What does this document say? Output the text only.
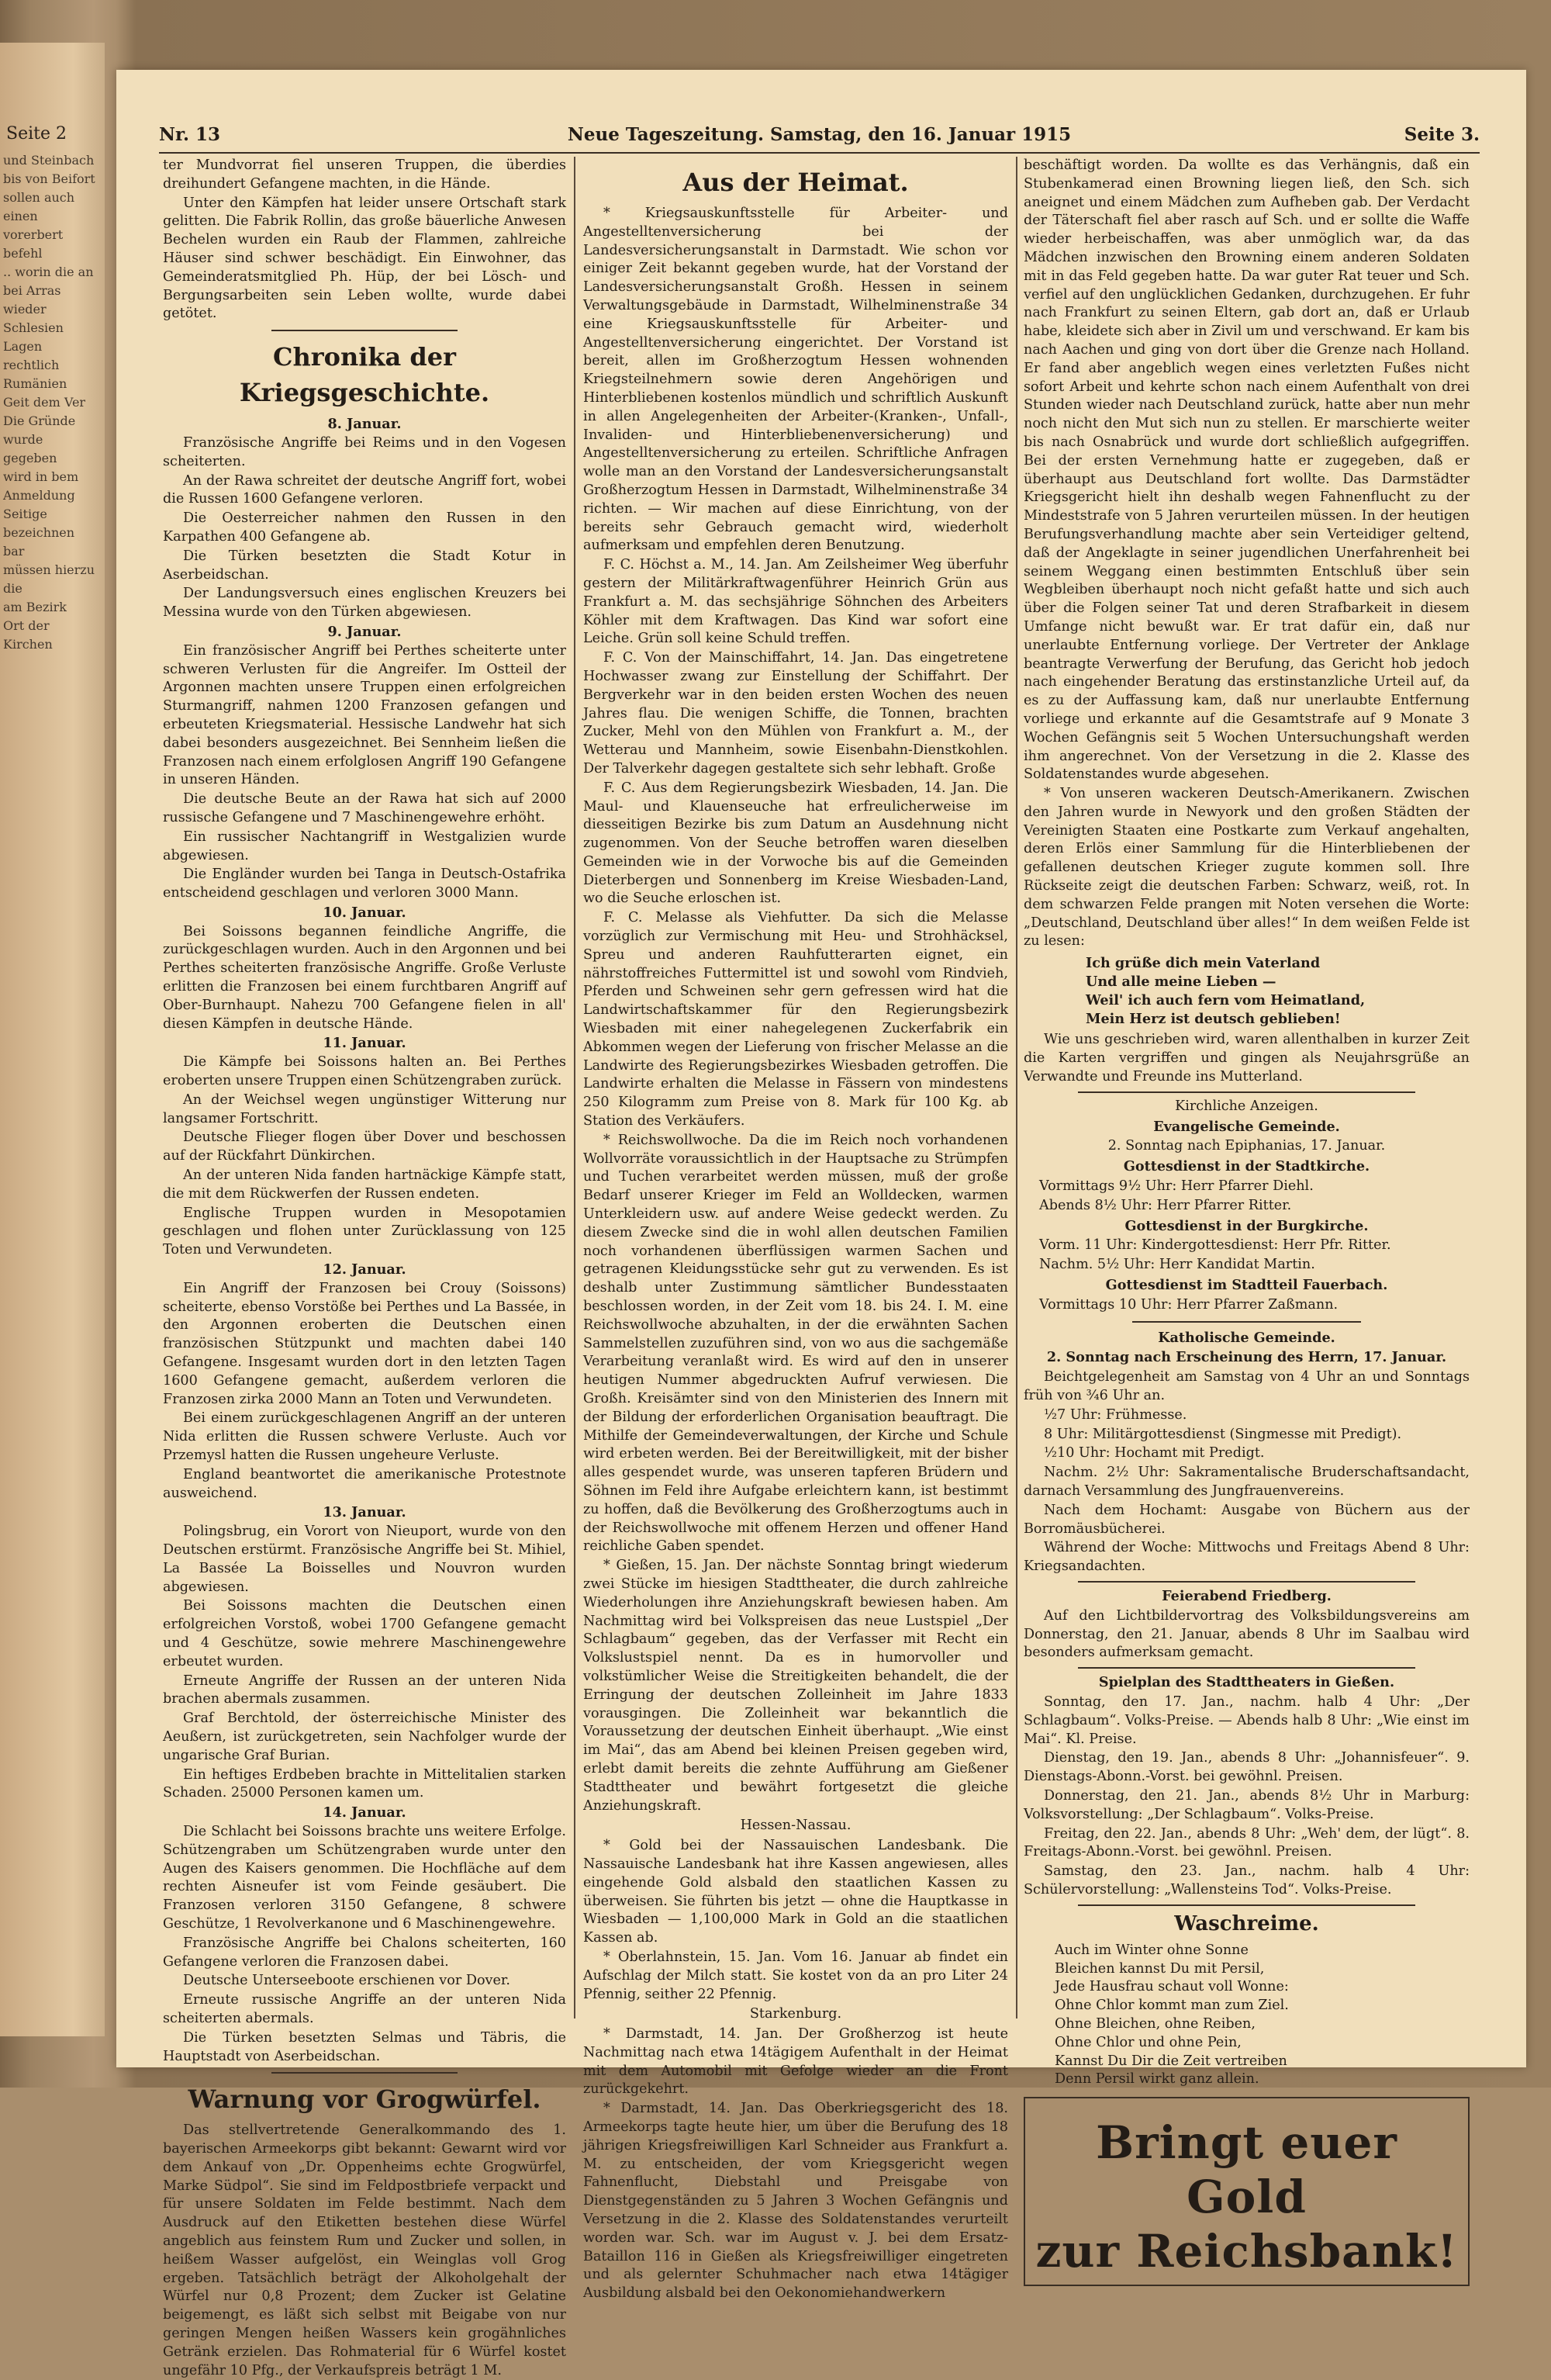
Seite 2
und Steinbach
bis von Beifort
sollen auch einen
vorerbert befehl
.. worin die an
bei Arras wieder
Schlesien Lagen
rechtlich Rumänien
Geit dem Ver
Die Gründe
wurde gegeben
wird in bem
Anmeldung Seitige
bezeichnen bar
müssen hierzu die
am Bezirk
Ort der Kirchen
Nr. 13	Neue Tageszeitung. Samstag, den 16. Januar 1915	Seite 3.

ter Mundvorrat fiel unseren Truppen, die überdies dreihundert Gefangene machten, in die Hände.

Unter den Kämpfen hat leider unsere Ortschaft stark gelitten. Die Fabrik Rollin, das große bäuerliche Anwesen Bechelen wurden ein Raub der Flammen, zahlreiche Häuser sind schwer beschädigt. Ein Einwohner, das Gemeinderatsmitglied Ph. Hüp, der bei Lösch- und Bergungsarbeiten sein Leben wollte, wurde dabei getötet.

Chronika der Kriegsgeschichte.
8. Januar.

Französische Angriffe bei Reims und in den Vogesen scheiterten.

An der Rawa schreitet der deutsche Angriff fort, wobei die Russen 1600 Gefangene verloren.

Die Oesterreicher nahmen den Russen in den Karpathen 400 Gefangene ab.

Die Türken besetzten die Stadt Kotur in Aserbeidschan.

Der Landungsversuch eines englischen Kreuzers bei Messina wurde von den Türken abgewiesen.

9. Januar.

Ein französischer Angriff bei Perthes scheiterte unter schweren Verlusten für die Angreifer. Im Ostteil der Argonnen machten unsere Truppen einen erfolgreichen Sturmangriff, nahmen 1200 Franzosen gefangen und erbeuteten Kriegsmaterial. Hessische Landwehr hat sich dabei besonders ausgezeichnet. Bei Sennheim ließen die Franzosen nach einem erfolglosen Angriff 190 Gefangene in unseren Händen.

Die deutsche Beute an der Rawa hat sich auf 2000 russische Gefangene und 7 Maschinengewehre erhöht.

Ein russischer Nachtangriff in Westgalizien wurde abgewiesen.

Die Engländer wurden bei Tanga in Deutsch-Ostafrika entscheidend geschlagen und verloren 3000 Mann.

10. Januar.

Bei Soissons begannen feindliche Angriffe, die zurückgeschlagen wurden. Auch in den Argonnen und bei Perthes scheiterten französische Angriffe. Große Verluste erlitten die Franzosen bei einem furchtbaren Angriff auf Ober-Burnhaupt. Nahezu 700 Gefangene fielen in all' diesen Kämpfen in deutsche Hände.

11. Januar.

Die Kämpfe bei Soissons halten an. Bei Perthes eroberten unsere Truppen einen Schützengraben zurück.

An der Weichsel wegen ungünstiger Witterung nur langsamer Fortschritt.

Deutsche Flieger flogen über Dover und beschossen auf der Rückfahrt Dünkirchen.

An der unteren Nida fanden hartnäckige Kämpfe statt, die mit dem Rückwerfen der Russen endeten.

Englische Truppen wurden in Mesopotamien geschlagen und flohen unter Zurücklassung von 125 Toten und Verwundeten.

12. Januar.

Ein Angriff der Franzosen bei Crouy (Soissons) scheiterte, ebenso Vorstöße bei Perthes und La Bassée, in den Argonnen eroberten die Deutschen einen französischen Stützpunkt und machten dabei 140 Gefangene. Insgesamt wurden dort in den letzten Tagen 1600 Gefangene gemacht, außerdem verloren die Franzosen zirka 2000 Mann an Toten und Verwundeten.

Bei einem zurückgeschlagenen Angriff an der unteren Nida erlitten die Russen schwere Verluste. Auch vor Przemysl hatten die Russen ungeheure Verluste.

England beantwortet die amerikanische Protestnote ausweichend.

13. Januar.

Polingsbrug, ein Vorort von Nieuport, wurde von den Deutschen erstürmt. Französische Angriffe bei St. Mihiel, La Bassée La Boisselles und Nouvron wurden abgewiesen.

Bei Soissons machten die Deutschen einen erfolgreichen Vorstoß, wobei 1700 Gefangene gemacht und 4 Geschütze, sowie mehrere Maschinengewehre erbeutet wurden.

Erneute Angriffe der Russen an der unteren Nida brachen abermals zusammen.

Graf Berchtold, der österreichische Minister des Aeußern, ist zurückgetreten, sein Nachfolger wurde der ungarische Graf Burian.

Ein heftiges Erdbeben brachte in Mittelitalien starken Schaden. 25000 Personen kamen um.

14. Januar.

Die Schlacht bei Soissons brachte uns weitere Erfolge. Schützengraben um Schützengraben wurde unter den Augen des Kaisers genommen. Die Hochfläche auf dem rechten Aisneufer ist vom Feinde gesäubert. Die Franzosen verloren 3150 Gefangene, 8 schwere Geschütze, 1 Revolverkanone und 6 Maschinengewehre.

Französische Angriffe bei Chalons scheiterten, 160 Gefangene verloren die Franzosen dabei.

Deutsche Unterseeboote erschienen vor Dover.

Erneute russische Angriffe an der unteren Nida scheiterten abermals.

Die Türken besetzten Selmas und Täbris, die Hauptstadt von Aserbeidschan.

Warnung vor Grogwürfel.

Das stellvertretende Generalkommando des 1. bayerischen Armeekorps gibt bekannt: Gewarnt wird vor dem Ankauf von „Dr. Oppenheims echte Grogwürfel, Marke Südpol“. Sie sind im Feldpostbriefe verpackt und für unsere Soldaten im Felde bestimmt. Nach dem Ausdruck auf den Etiketten bestehen diese Würfel angeblich aus feinstem Rum und Zucker und sollen, in heißem Wasser aufgelöst, ein Weinglas voll Grog ergeben. Tatsächlich beträgt der Alkoholgehalt der Würfel nur 0,8 Prozent; dem Zucker ist Gelatine beigemengt, es läßt sich selbst mit Beigabe von nur geringen Mengen heißen Wassers kein grogähnliches Getränk erzielen. Das Rohmaterial für 6 Würfel kostet ungefähr 10 Pfg., der Verkaufspreis beträgt 1 M.

Aus der Heimat.

* Kriegsauskunftsstelle für Arbeiter- und Angestelltenversicherung bei der Landesversicherungsanstalt in Darmstadt. Wie schon vor einiger Zeit bekannt gegeben wurde, hat der Vorstand der Landesversicherungsanstalt Großh. Hessen in seinem Verwaltungsgebäude in Darmstadt, Wilhelminenstraße 34 eine Kriegsauskunftsstelle für Arbeiter- und Angestelltenversicherung eingerichtet. Der Vorstand ist bereit, allen im Großherzogtum Hessen wohnenden Kriegsteilnehmern sowie deren Angehörigen und Hinterbliebenen kostenlos mündlich und schriftlich Auskunft in allen Angelegenheiten der Arbeiter-(Kranken-, Unfall-, Invaliden- und Hinterbliebenenversicherung) und Angestelltenversicherung zu erteilen. Schriftliche Anfragen wolle man an den Vorstand der Landesversicherungsanstalt Großherzogtum Hessen in Darmstadt, Wilhelminenstraße 34 richten. — Wir machen auf diese Einrichtung, von der bereits sehr Gebrauch gemacht wird, wiederholt aufmerksam und empfehlen deren Benutzung.

F. C. Höchst a. M., 14. Jan. Am Zeilsheimer Weg überfuhr gestern der Militärkraftwagenführer Heinrich Grün aus Frankfurt a. M. das sechsjährige Söhnchen des Arbeiters Köhler mit dem Kraftwagen. Das Kind war sofort eine Leiche. Grün soll keine Schuld treffen.

F. C. Von der Mainschiffahrt, 14. Jan. Das eingetretene Hochwasser zwang zur Einstellung der Schiffahrt. Der Bergverkehr war in den beiden ersten Wochen des neuen Jahres flau. Die wenigen Schiffe, die Tonnen, brachten Zucker, Mehl von den Mühlen von Frankfurt a. M., der Wetterau und Mannheim, sowie Eisenbahn-Dienstkohlen. Der Talverkehr dagegen gestaltete sich sehr lebhaft. Große

F. C. Aus dem Regierungsbezirk Wiesbaden, 14. Jan. Die Maul- und Klauenseuche hat erfreulicherweise im diesseitigen Bezirke bis zum Datum an Ausdehnung nicht zugenommen. Von der Seuche betroffen waren dieselben Gemeinden wie in der Vorwoche bis auf die Gemeinden Dieterbergen und Sonnenberg im Kreise Wiesbaden-Land, wo die Seuche erloschen ist.

F. C. Melasse als Viehfutter. Da sich die Melasse vorzüglich zur Vermischung mit Heu- und Strohhäcksel, Spreu und anderen Rauhfutterarten eignet, ein nährstoffreiches Futtermittel ist und sowohl vom Rindvieh, Pferden und Schweinen sehr gern gefressen wird hat die Landwirtschaftskammer für den Regierungsbezirk Wiesbaden mit einer nahegelegenen Zuckerfabrik ein Abkommen wegen der Lieferung von frischer Melasse an die Landwirte des Regierungsbezirkes Wiesbaden getroffen. Die Landwirte erhalten die Melasse in Fässern von mindestens 250 Kilogramm zum Preise von 8. Mark für 100 Kg. ab Station des Verkäufers.

* Reichswollwoche. Da die im Reich noch vorhandenen Wollvorräte voraussichtlich in der Hauptsache zu Strümpfen und Tuchen verarbeitet werden müssen, muß der große Bedarf unserer Krieger im Feld an Wolldecken, warmen Unterkleidern usw. auf andere Weise gedeckt werden. Zu diesem Zwecke sind die in wohl allen deutschen Familien noch vorhandenen überflüssigen warmen Sachen und getragenen Kleidungsstücke sehr gut zu verwenden. Es ist deshalb unter Zustimmung sämtlicher Bundesstaaten beschlossen worden, in der Zeit vom 18. bis 24. I. M. eine Reichswollwoche abzuhalten, in der die erwähnten Sachen Sammelstellen zuzuführen sind, von wo aus die sachgemäße Verarbeitung veranlaßt wird. Es wird auf den in unserer heutigen Nummer abgedruckten Aufruf verwiesen. Die Großh. Kreisämter sind von den Ministerien des Innern mit der Bildung der erforderlichen Organisation beauftragt. Die Mithilfe der Gemeindeverwaltungen, der Kirche und Schule wird erbeten werden. Bei der Bereitwilligkeit, mit der bisher alles gespendet wurde, was unseren tapferen Brüdern und Söhnen im Feld ihre Aufgabe erleichtern kann, ist bestimmt zu hoffen, daß die Bevölkerung des Großherzogtums auch in der Reichswollwoche mit offenem Herzen und offener Hand reichliche Gaben spendet.

* Gießen, 15. Jan. Der nächste Sonntag bringt wiederum zwei Stücke im hiesigen Stadttheater, die durch zahlreiche Wiederholungen ihre Anziehungskraft bewiesen haben. Am Nachmittag wird bei Volkspreisen das neue Lustspiel „Der Schlagbaum“ gegeben, das der Verfasser mit Recht ein Volkslustspiel nennt. Da es in humorvoller und volkstümlicher Weise die Streitigkeiten behandelt, die der Erringung der deutschen Zolleinheit im Jahre 1833 vorausgingen. Die Zolleinheit war bekanntlich die Voraussetzung der deutschen Einheit überhaupt. „Wie einst im Mai“, das am Abend bei kleinen Preisen gegeben wird, erlebt damit bereits die zehnte Aufführung am Gießener Stadttheater und bewährt fortgesetzt die gleiche Anziehungskraft.

Hessen-Nassau.

* Gold bei der Nassauischen Landesbank. Die Nassauische Landesbank hat ihre Kassen angewiesen, alles eingehende Gold alsbald den staatlichen Kassen zu überweisen. Sie führten bis jetzt — ohne die Hauptkasse in Wiesbaden — 1,100,000 Mark in Gold an die staatlichen Kassen ab.

* Oberlahnstein, 15. Jan. Vom 16. Januar ab findet ein Aufschlag der Milch statt. Sie kostet von da an pro Liter 24 Pfennig, seither 22 Pfennig.

Starkenburg.

* Darmstadt, 14. Jan. Der Großherzog ist heute Nachmittag nach etwa 14tägigem Aufenthalt in der Heimat mit dem Automobil mit Gefolge wieder an die Front zurückgekehrt.

* Darmstadt, 14. Jan. Das Oberkriegsgericht des 18. Armeekorps tagte heute hier, um über die Berufung des 18 jährigen Kriegsfreiwilligen Karl Schneider aus Frankfurt a. M. zu entscheiden, der vom Kriegsgericht wegen Fahnenflucht, Diebstahl und Preisgabe von Dienstgegenständen zu 5 Jahren 3 Wochen Gefängnis und Versetzung in die 2. Klasse des Soldatenstandes verurteilt worden war. Sch. war im August v. J. bei dem Ersatz-Bataillon 116 in Gießen als Kriegsfreiwilliger eingetreten und als gelernter Schuhmacher nach etwa 14tägiger Ausbildung alsbald bei den Oekonomiehandwerkern

beschäftigt worden. Da wollte es das Verhängnis, daß ein Stubenkamerad einen Browning liegen ließ, den Sch. sich aneignet und einem Mädchen zum Aufheben gab. Der Verdacht der Täterschaft fiel aber rasch auf Sch. und er sollte die Waffe wieder herbeischaffen, was aber unmöglich war, da das Mädchen inzwischen den Browning einem anderen Soldaten mit in das Feld gegeben hatte. Da war guter Rat teuer und Sch. verfiel auf den unglücklichen Gedanken, durchzugehen. Er fuhr nach Frankfurt zu seinen Eltern, gab dort an, daß er Urlaub habe, kleidete sich aber in Zivil um und verschwand. Er kam bis nach Aachen und ging von dort über die Grenze nach Holland. Er fand aber angeblich wegen eines verletzten Fußes nicht sofort Arbeit und kehrte schon nach einem Aufenthalt von drei Stunden wieder nach Deutschland zurück, hatte aber nun mehr noch nicht den Mut sich nun zu stellen. Er marschierte weiter bis nach Osnabrück und wurde dort schließlich aufgegriffen. Bei der ersten Vernehmung hatte er zugegeben, daß er überhaupt aus Deutschland fort wollte. Das Darmstädter Kriegsgericht hielt ihn deshalb wegen Fahnenflucht zu der Mindeststrafe von 5 Jahren verurteilen müssen. In der heutigen Berufungsverhandlung machte aber sein Verteidiger geltend, daß der Angeklagte in seiner jugendlichen Unerfahrenheit bei seinem Weggang einen bestimmten Entschluß über sein Wegbleiben überhaupt noch nicht gefaßt hatte und sich auch über die Folgen seiner Tat und deren Strafbarkeit in diesem Umfange nicht bewußt war. Er trat dafür ein, daß nur unerlaubte Entfernung vorliege. Der Vertreter der Anklage beantragte Verwerfung der Berufung, das Gericht hob jedoch nach eingehender Beratung das erstinstanzliche Urteil auf, da es zu der Auffassung kam, daß nur unerlaubte Entfernung vorliege und erkannte auf die Gesamtstrafe auf 9 Monate 3 Wochen Gefängnis seit 5 Wochen Untersuchungshaft werden ihm angerechnet. Von der Versetzung in die 2. Klasse des Soldatenstandes wurde abgesehen.

* Von unseren wackeren Deutsch-Amerikanern. Zwischen den Jahren wurde in Newyork und den großen Städten der Vereinigten Staaten eine Postkarte zum Verkauf angehalten, deren Erlös einer Sammlung für die Hinterbliebenen der gefallenen deutschen Krieger zugute kommen soll. Ihre Rückseite zeigt die deutschen Farben: Schwarz, weiß, rot. In dem schwarzen Felde prangen mit Noten versehen die Worte: „Deutschland, Deutschland über alles!“ In dem weißen Felde ist zu lesen:

Ich grüße dich mein Vaterland
Und alle meine Lieben —
Weil' ich auch fern vom Heimatland,
Mein Herz ist deutsch geblieben!

Wie uns geschrieben wird, waren allenthalben in kurzer Zeit die Karten vergriffen und gingen als Neujahrsgrüße an Verwandte und Freunde ins Mutterland.

Kirchliche Anzeigen.
Evangelische Gemeinde.
2. Sonntag nach Epiphanias, 17. Januar.
Gottesdienst in der Stadtkirche.

Vormittags 9½ Uhr: Herr Pfarrer Diehl.

Abends 8½ Uhr: Herr Pfarrer Ritter.

Gottesdienst in der Burgkirche.

Vorm. 11 Uhr: Kindergottesdienst: Herr Pfr. Ritter.

Nachm. 5½ Uhr: Herr Kandidat Martin.

Gottesdienst im Stadtteil Fauerbach.

Vormittags 10 Uhr: Herr Pfarrer Zaßmann.

Katholische Gemeinde.
2. Sonntag nach Erscheinung des Herrn, 17. Januar.

Beichtgelegenheit am Samstag von 4 Uhr an und Sonntags früh von ¾6 Uhr an.

½7 Uhr: Frühmesse.

8 Uhr: Militärgottesdienst (Singmesse mit Predigt).

½10 Uhr: Hochamt mit Predigt.

Nachm. 2½ Uhr: Sakramentalische Bruderschaftsandacht, darnach Versammlung des Jungfrauenvereins.

Nach dem Hochamt: Ausgabe von Büchern aus der Borromäusbücherei.

Während der Woche: Mittwochs und Freitags Abend 8 Uhr: Kriegsandachten.

Feierabend Friedberg.

Auf den Lichtbildervortrag des Volksbildungsvereins am Donnerstag, den 21. Januar, abends 8 Uhr im Saalbau wird besonders aufmerksam gemacht.

Spielplan des Stadttheaters in Gießen.

Sonntag, den 17. Jan., nachm. halb 4 Uhr: „Der Schlagbaum“. Volks-Preise. — Abends halb 8 Uhr: „Wie einst im Mai“. Kl. Preise.

Dienstag, den 19. Jan., abends 8 Uhr: „Johannisfeuer“. 9. Dienstags-Abonn.-Vorst. bei gewöhnl. Preisen.

Donnerstag, den 21. Jan., abends 8½ Uhr in Marburg: Volksvorstellung: „Der Schlagbaum“. Volks-Preise.

Freitag, den 22. Jan., abends 8 Uhr: „Weh' dem, der lügt“. 8. Freitags-Abonn.-Vorst. bei gewöhnl. Preisen.

Samstag, den 23. Jan., nachm. halb 4 Uhr: Schülervorstellung: „Wallensteins Tod“. Volks-Preise.

Waschreime.
Auch im Winter ohne Sonne
Bleichen kannst Du mit Persil,
Jede Hausfrau schaut voll Wonne:
Ohne Chlor kommt man zum Ziel.
Ohne Bleichen, ohne Reiben,
Ohne Chlor und ohne Pein,
Kannst Du Dir die Zeit vertreiben
Denn Persil wirkt ganz allein.
Bringt euer Gold
zur Reichsbank!
